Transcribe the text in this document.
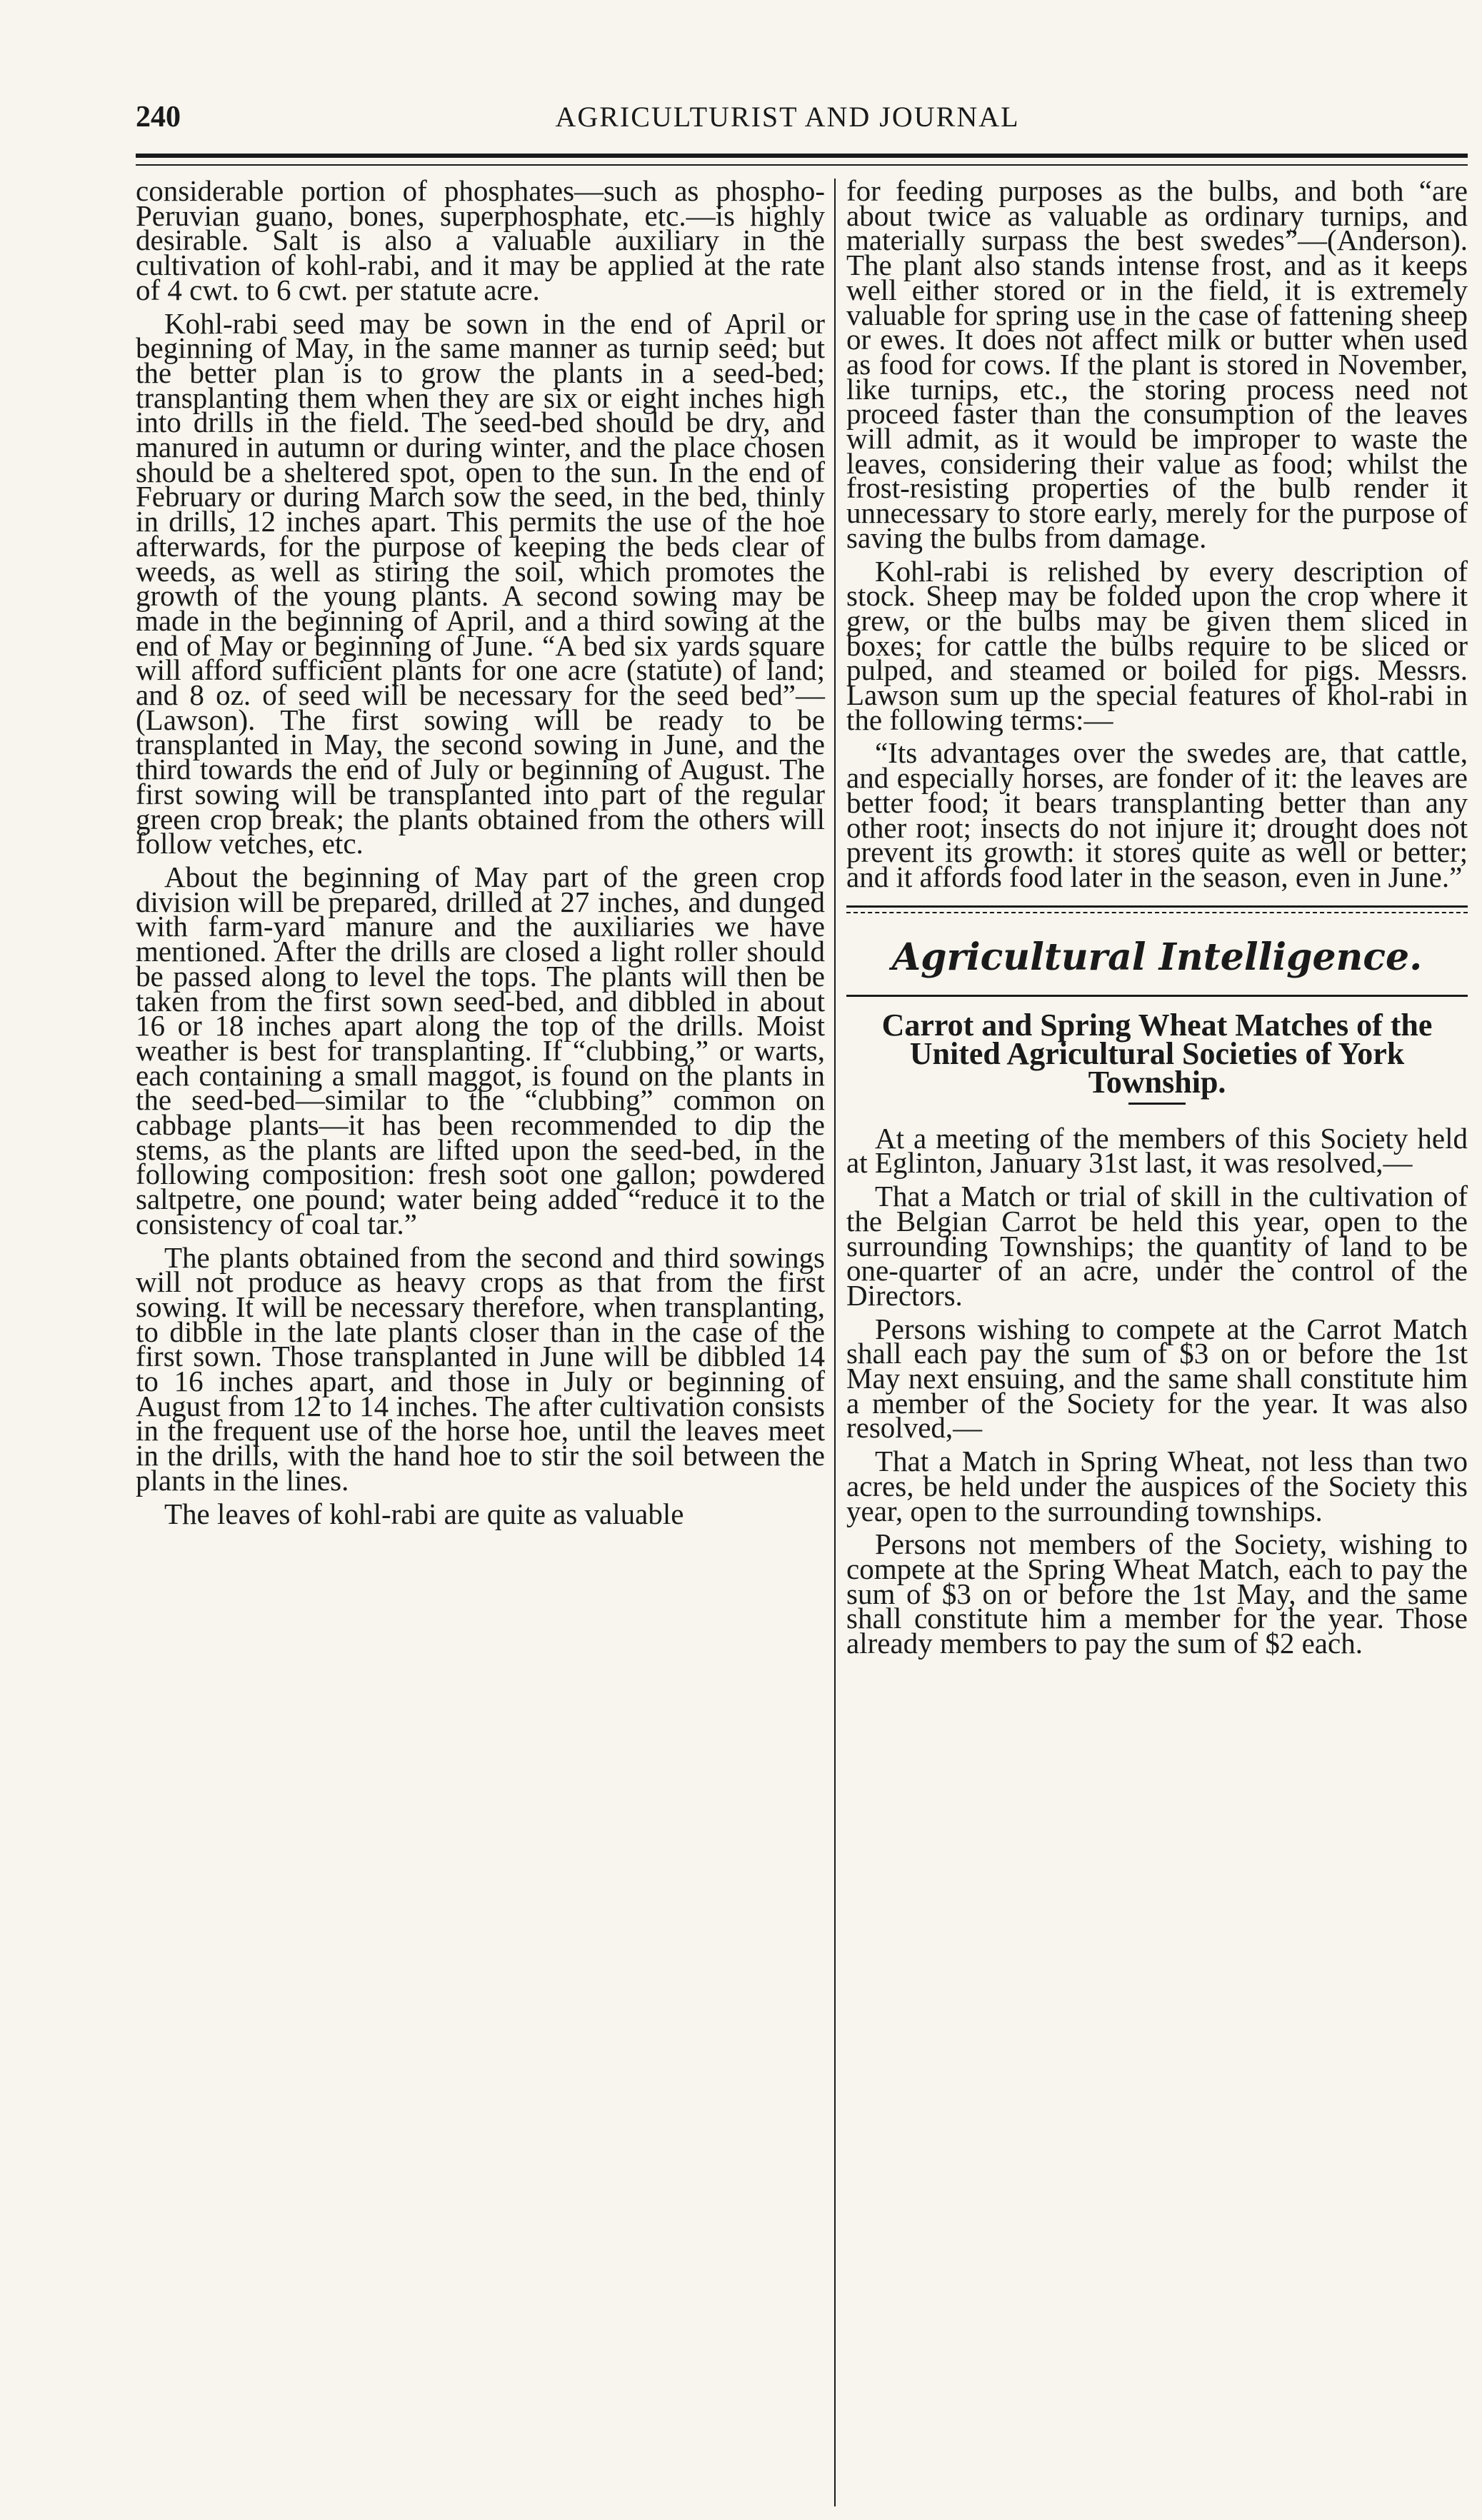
240	AGRICULTURIST AND JOURNAL

considerable portion of phosphates—such as phospho-Peruvian guano, bones, superphosphate, etc.—is highly desirable. Salt is also a valuable auxiliary in the cultivation of kohl-rabi, and it may be applied at the rate of 4 cwt. to 6 cwt. per statute acre.

Kohl-rabi seed may be sown in the end of April or beginning of May, in the same manner as turnip seed; but the better plan is to grow the plants in a seed-bed; transplanting them when they are six or eight inches high into drills in the field. The seed-bed should be dry, and manured in autumn or during winter, and the place chosen should be a sheltered spot, open to the sun. In the end of February or during March sow the seed, in the bed, thinly in drills, 12 inches apart. This permits the use of the hoe afterwards, for the purpose of keeping the beds clear of weeds, as well as stiring the soil, which promotes the growth of the young plants. A second sowing may be made in the beginning of April, and a third sowing at the end of May or beginning of June. “A bed six yards square will afford sufficient plants for one acre (statute) of land; and 8 oz. of seed will be necessary for the seed bed”—(Lawson). The first sowing will be ready to be transplanted in May, the second sowing in June, and the third towards the end of July or beginning of August. The first sowing will be transplanted into part of the regular green crop break; the plants obtained from the others will follow vetches, etc.

About the beginning of May part of the green crop division will be prepared, drilled at 27 inches, and dunged with farm-yard manure and the auxiliaries we have mentioned. After the drills are closed a light roller should be passed along to level the tops. The plants will then be taken from the first sown seed-bed, and dibbled in about 16 or 18 inches apart along the top of the drills. Moist weather is best for transplanting. If “clubbing,” or warts, each containing a small maggot, is found on the plants in the seed-bed—similar to the “clubbing” common on cabbage plants—it has been recommended to dip the stems, as the plants are lifted upon the seed-bed, in the following composition: fresh soot one gallon; powdered saltpetre, one pound; water being added “reduce it to the consistency of coal tar.”

The plants obtained from the second and third sowings will not produce as heavy crops as that from the first sowing. It will be necessary therefore, when transplanting, to dibble in the late plants closer than in the case of the first sown. Those transplanted in June will be dibbled 14 to 16 inches apart, and those in July or beginning of August from 12 to 14 inches. The after cultivation consists in the frequent use of the horse hoe, until the leaves meet in the drills, with the hand hoe to stir the soil between the plants in the lines.

The leaves of kohl-rabi are quite as valuable

for feeding purposes as the bulbs, and both “are about twice as valuable as ordinary turnips, and materially surpass the best swedes”—(Anderson). The plant also stands intense frost, and as it keeps well either stored or in the field, it is extremely valuable for spring use in the case of fattening sheep or ewes. It does not affect milk or butter when used as food for cows. If the plant is stored in November, like turnips, etc., the storing process need not proceed faster than the consumption of the leaves will admit, as it would be improper to waste the leaves, considering their value as food; whilst the frost-resisting properties of the bulb render it unnecessary to store early, merely for the purpose of saving the bulbs from damage.

Kohl-rabi is relished by every description of stock. Sheep may be folded upon the crop where it grew, or the bulbs may be given them sliced in boxes; for cattle the bulbs require to be sliced or pulped, and steamed or boiled for pigs. Messrs. Lawson sum up the special features of khol-rabi in the following terms:—

“Its advantages over the swedes are, that cattle, and especially horses, are fonder of it: the leaves are better food; it bears transplanting better than any other root; insects do not injure it; drought does not prevent its growth: it stores quite as well or better; and it affords food later in the season, even in June.”

Agricultural Intelligence.
Carrot and Spring Wheat Matches of the United Agricultural Societies of York Township.

At a meeting of the members of this Society held at Eglinton, January 31st last, it was resolved,—

That a Match or trial of skill in the cultivation of the Belgian Carrot be held this year, open to the surrounding Townships; the quantity of land to be one-quarter of an acre, under the control of the Directors.

Persons wishing to compete at the Carrot Match shall each pay the sum of $3 on or before the 1st May next ensuing, and the same shall constitute him a member of the Society for the year. It was also resolved,—

That a Match in Spring Wheat, not less than two acres, be held under the auspices of the Society this year, open to the surrounding townships.

Persons not members of the Society, wishing to compete at the Spring Wheat Match, each to pay the sum of $3 on or before the 1st May, and the same shall constitute him a member for the year. Those already members to pay the sum of $2 each.
